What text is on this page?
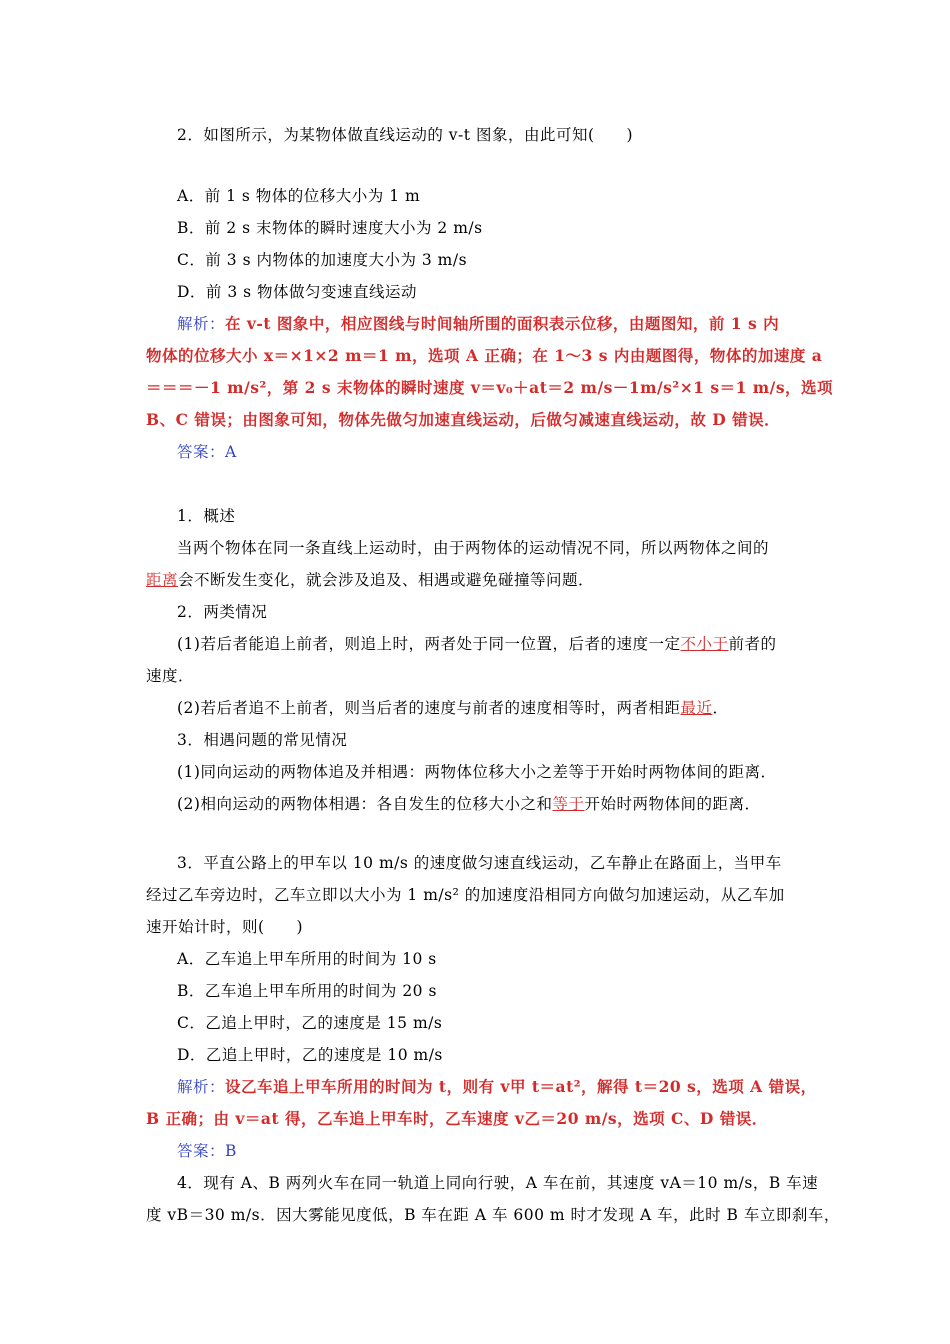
2．如图所示，为某物体做直线运动的 v-t 图象，由此可知(　　)
A．前 1 s 物体的位移大小为 1 m
B．前 2 s 末物体的瞬时速度大小为 2 m/s
C．前 3 s 内物体的加速度大小为 3 m/s
D．前 3 s 物体做匀变速直线运动
解析：在 v-t 图象中，相应图线与时间轴所围的面积表示位移，由题图知，前 1 s 内
物体的位移大小 x＝×1×2 m＝1 m，选项 A 正确；在 1～3 s 内由题图得，物体的加速度 a
＝＝＝－1 m/s²，第 2 s 末物体的瞬时速度 v＝v₀＋at＝2 m/s－1m/s²×1 s＝1 m/s，选项
B、C 错误；由图象可知，物体先做匀加速直线运动，后做匀减速直线运动，故 D 错误．
答案：A
1．概述
当两个物体在同一条直线上运动时，由于两物体的运动情况不同，所以两物体之间的
距离会不断发生变化，就会涉及追及、相遇或避免碰撞等问题．
2．两类情况
(1)若后者能追上前者，则追上时，两者处于同一位置，后者的速度一定不小于前者的
速度．
(2)若后者追不上前者，则当后者的速度与前者的速度相等时，两者相距最近．
3．相遇问题的常见情况
(1)同向运动的两物体追及并相遇：两物体位移大小之差等于开始时两物体间的距离．
(2)相向运动的两物体相遇：各自发生的位移大小之和等于开始时两物体间的距离．
3．平直公路上的甲车以 10 m/s 的速度做匀速直线运动，乙车静止在路面上，当甲车
经过乙车旁边时，乙车立即以大小为 1 m/s² 的加速度沿相同方向做匀加速运动，从乙车加
速开始计时，则(　　)
A．乙车追上甲车所用的时间为 10 s
B．乙车追上甲车所用的时间为 20 s
C．乙追上甲时，乙的速度是 15 m/s
D．乙追上甲时，乙的速度是 10 m/s
解析：设乙车追上甲车所用的时间为 t，则有 v甲 t＝at²，解得 t＝20 s，选项 A 错误，
B 正确；由 v＝at 得，乙车追上甲车时，乙车速度 v乙＝20 m/s，选项 C、D 错误．
答案：B
4．现有 A、B 两列火车在同一轨道上同向行驶，A 车在前，其速度 vA＝10 m/s，B 车速
度 vB＝30 m/s．因大雾能见度低，B 车在距 A 车 600 m 时才发现 A 车，此时 B 车立即刹车，
